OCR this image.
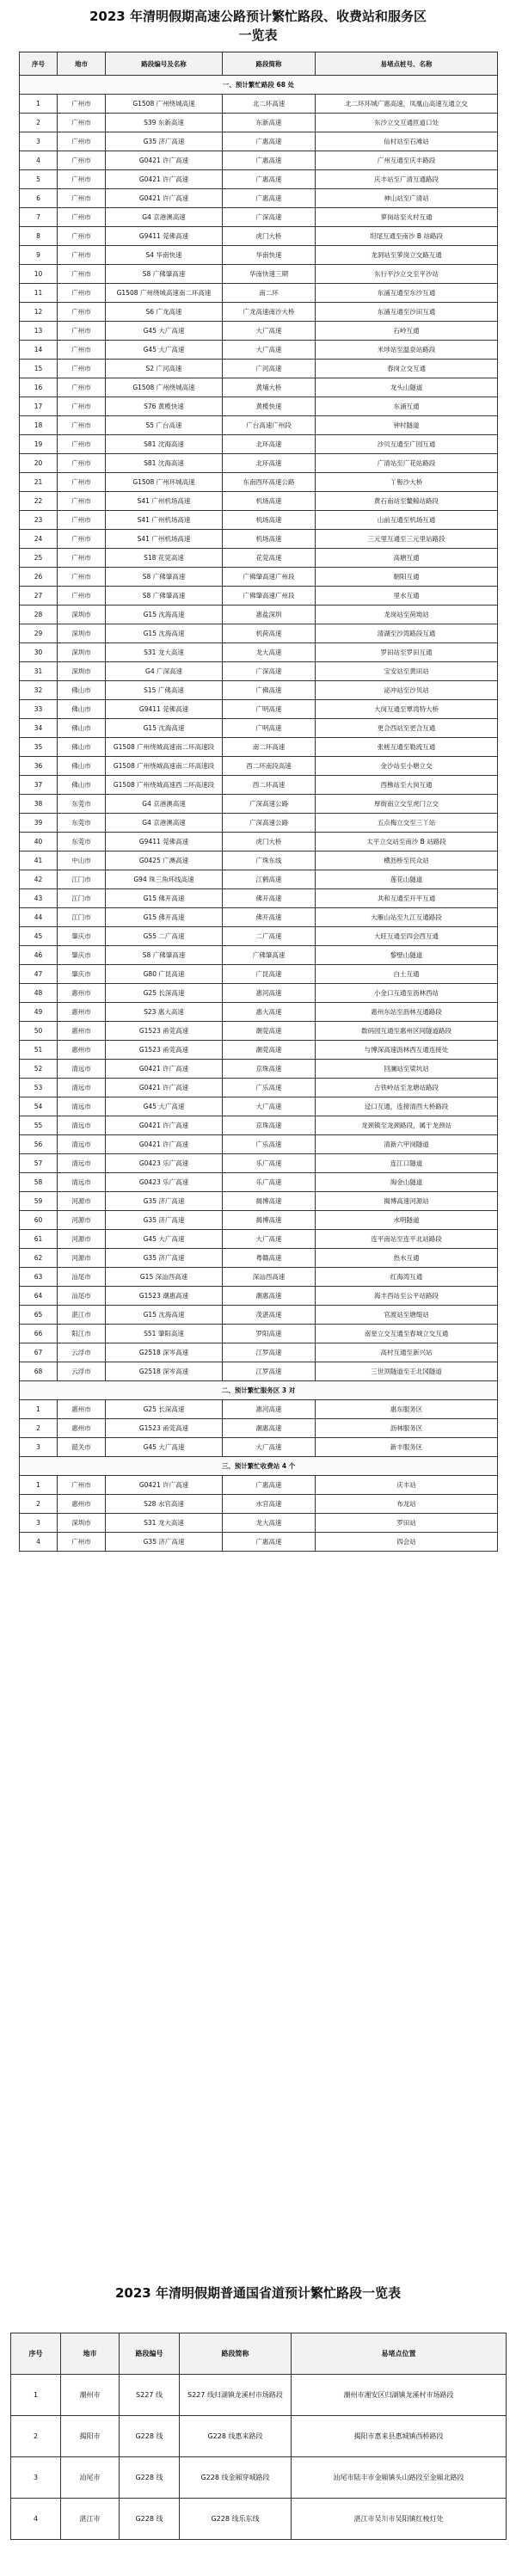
2023 年清明假期高速公路预计繁忙路段、收费站和服务区

一览表

序号	地市	路段编号及名称	路段简称	易堵点桩号、名称
一、预计繁忙路段 68 处				
1	广州市	G1508 广州绕城高速	北二环高速	北二环环城广惠高速，凤凰山高速互通立交
2	广州市	S39 东新高速	东新高速	东沙立交互通匝道口处
3	广州市	G35 济广高速	广惠高速	仙村站至石滩站
4	广州市	G0421 许广高速	广惠高速	广州互通至庆丰路段
5	广州市	G0421 许广高速	广惠高速	庆丰站至广清互通路段
6	广州市	G0421 许广高速	广惠高速	神山站至广清站
7	广州市	G4 京港澳高速	广深高速	萝岗站至火村互通
8	广州市	G9411 莞佛高速	虎门大桥	坦尾互通至南沙 B 站路段
9	广州市	S4 华南快速	华南快速	龙洞站至萝岗立交路互通
10	广州市	S8 广佛肇高速	华南快速三期	东行平沙立交至平沙站
11	广州市	G1508 广州绕城高速南二环高速	南二环	东涌互通至东沙互通
12	广州市	S6 广龙高速	广龙高速南沙大桥	东涌互通至沙田互通
13	广州市	G45 大广高速	大广高速	石岭互通
14	广州市	G45 大广高速	大广高速	米埗站至温泉站路段
15	广州市	S2 广河高速	广河高速	春岗立交互通
16	广州市	G1508 广州绕城高速	黄埔大桥	龙头山隧道
17	广州市	S76 黄榄快速	黄榄快速	东涌互通
18	广州市	S5 广台高速	广台高速广州段	钟村隧道
19	广州市	S81 沈海高速	北环高速	沙贝互通至广园互通
20	广州市	S81 沈海高速	北环高速	广清站至广花站路段
21	广州市	G1508 广州环城高速	东南西环高速公路	丫髻沙大桥
22	广州市	S41 广州机场高速	机场高速	黄石南站至鳌鲸站路段
23	广州市	S41 广州机场高速	机场高速	山前互通至机场互通
24	广州市	S41 广州机场高速	机场高速	三元里互通至三元里站路段
25	广州市	S18 花莞高速	花莞高速	高塘互通
26	广州市	S8 广佛肇高速	广佛肇高速广州段	朝阳互通
27	广州市	S8 广佛肇高速	广佛肇高速广州段	里水互通
28	深圳市	G15 沈海高速	惠盐深圳	龙岗站至荷坳站
29	深圳市	G15 沈海高速	机荷高速	清湖至沙湾路段互通
30	深圳市	S31 龙大高速	龙大高速	罗田站至罗田互通
31	深圳市	G4 广深高速	广深高速	宝安站至黄田站
32	佛山市	S15 广佛高速	广佛高速	泌冲站至沙贝站
33	佛山市	G9411 莞佛高速	广明高速	大岗互通至覃湾特大桥
34	佛山市	G15 沈海高速	广明高速	更合西站至更合互通
35	佛山市	G1508 广州绕城高速南二环高速段	南二环高速	张槎互通至勒流互通
36	佛山市	G1508 广州绕城高速南二环高速段	西二环南段高速	金沙站至小塘立交
37	佛山市	G1508 广州绕城高速西二环高速段	西二环高速	西樵站至大岗互通
38	东莞市	G4 京港澳高速	广深高速公路	厚街南立交至虎门立交
39	东莞市	G4 京港澳高速	广深高速公路	五点梅立交至三丫站
40	东莞市	G9411 莞佛高速	虎门大桥	太平立交站至南沙 B 站路段
41	中山市	G0425 广澳高速	广珠东线	横沥桥至民众站
42	江门市	G94 珠三角环线高速	江鹤高速	莲花山隧道
43	江门市	G15 佛开高速	佛开高速	共和互通至开平互通
44	江门市	G15 佛开高速	佛开高速	大雁山站至九江互通路段
45	肇庆市	G55 二广高速	二广高速	大旺互通至四会西互通
46	肇庆市	S8 广佛肇高速	广佛肇高速	黎壁山隧道
47	肇庆市	G80 广昆高速	广昆高速	白土互通
48	惠州市	G25 长深高速	惠河高速	小金口互通至沥林西站
49	惠州市	S23 惠大高速	惠大高速	惠州东站至沥林互通路段
50	惠州市	G1523 甬莞高速	潮莞高速	数码园互通至惠州区间隧道路段
51	惠州市	G1523 甬莞高速	潮莞高速	与博深高速沥林西互通连接处
52	清远市	G0421 许广高速	京珠高速	回澜站至梁坑站
53	清远市	G0421 许广高速	广乐高速	古铁岭站至龙塘站路段
54	清远市	G45 大广高速	大广高速	迳口互通，连接清西大桥路段
55	清远市	G0421 许广高速	京珠高速	龙颈镇至龙颈路段，属于龙颈站
56	清远市	G0421 许广高速	广乐高速	清新六甲岗隧道
57	清远市	G0423 乐广高速	乐广高速	连江口隧道
58	清远市	G0423 乐广高速	乐广高速	淘金山隧道
59	河源市	G35 济广高速	揭博高速	揭博高速河源站
60	河源市	G35 济广高速	揭博高速	水明隧道
61	河源市	G45 大广高速	大广高速	连平南站至连平北站路段
62	河源市	G35 济广高速	粤赣高速	热水互通
63	汕尾市	G15 深汕西高速	深汕西高速	红海湾互通
64	汕尾市	G1523 潮惠高速	潮惠高速	海丰西站至公平站路段
65	湛江市	G15 沈海高速	茂湛高速	官渡站至塘缀站
66	阳江市	S51 肇阳高速	罗阳高速	南星立交互通至春城立交互通
67	云浮市	G2518 深岑高速	江罗高速	高村互通至新兴站
68	云浮市	G2518 深岑高速	江罗高速	三世顶隧道至王北冈隧道
二、预计繁忙服务区 3 对				
1	惠州市	G25 长深高速	惠河高速	惠东服务区
2	惠州市	G1523 甬莞高速	潮惠高速	沥林服务区
3	韶关市	G45 大广高速	大广高速	新丰服务区
三、预计繁忙收费站 4 个				
1	广州市	G0421 许广高速	广惠高速	庆丰站
2	惠州市	S28 水官高速	水官高速	布龙站
3	深圳市	S31 龙大高速	龙大高速	罗田站
4	广州市	G35 济广高速	广惠高速	四会站

2023 年清明假期普通国省道预计繁忙路段一览表

序号	地市	路段编号	路段简称	易堵点位置
1	潮州市	S227 线	S227 线归湖镇龙溪村市场路段	潮州市湘安区归湖镇龙溪村市场路段
2	揭阳市	G228 线	G228 线惠来路段	揭阳市惠来县惠城镇西桥路段
3	汕尾市	G228 线	G228 线金厢穿城路段	汕尾市陆丰市金厢镇头山路段至金厢北路段
4	湛江市	G228 线	G228 线乐东线	湛江市吴川市吴阳镇红棱灯处
